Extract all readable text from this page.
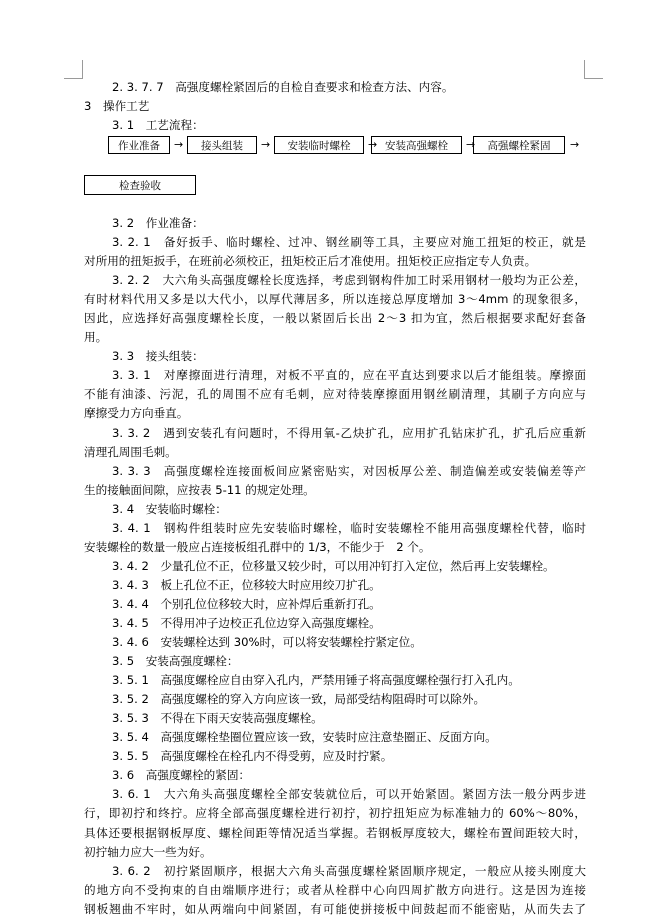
2. 3. 7. 7　高强度螺栓紧固后的自检自查要求和检查方法、内容。
3　操作工艺
3. 1　工艺流程：
作业准备	→	接头组装	→	安装临时螺栓	→ 安装高强螺栓	→	高强螺栓紧固	→
检查验收
3. 2　作业准备：
3. 2. 1　备好扳手、临时螺栓、过冲、钢丝刷等工具，主要应对施工扭矩的校正，就是
对所用的扭矩扳手，在班前必须校正，扭矩校正后才准使用。扭矩校正应指定专人负责。
3. 2. 2　大六角头高强度螺栓长度选择，考虑到钢构件加工时采用钢材一般均为正公差，
有时材料代用又多是以大代小，以厚代薄居多，所以连接总厚度增加 3～4mm 的现象很多，
因此，应选择好高强度螺栓长度，一般以紧固后长出 2～3 扣为宜，然后根据要求配好套备
用。
3. 3　接头组装：
3. 3. 1　对摩擦面进行清理，对板不平直的，应在平直达到要求以后才能组装。摩擦面
不能有油漆、污泥，孔的周围不应有毛刺，应对待装摩擦面用钢丝刷清理，其刷子方向应与
摩擦受力方向垂直。
3. 3. 2　遇到安装孔有问题时，不得用氧-乙炔扩孔，应用扩孔钻床扩孔，扩孔后应重新
清理孔周围毛刺。
3. 3. 3　高强度螺栓连接面板间应紧密贴实，对因板厚公差、制造偏差或安装偏差等产
生的接触面间隙，应按表 5-11 的规定处理。
3. 4　安装临时螺栓：
3. 4. 1　钢构件组装时应先安装临时螺栓，临时安装螺栓不能用高强度螺栓代替，临时
安装螺栓的数量一般应占连接板组孔群中的 1/3，不能少于　2 个。
3. 4. 2　少量孔位不正，位移量又较少时，可以用冲钉打入定位，然后再上安装螺栓。
3. 4. 3　板上孔位不正，位移较大时应用绞刀扩孔。
3. 4. 4　个别孔位位移较大时，应补焊后重新打孔。
3. 4. 5　不得用冲子边校正孔位边穿入高强度螺栓。
3. 4. 6　安装螺栓达到 30%时，可以将安装螺栓拧紧定位。
3. 5　安装高强度螺栓：
3. 5. 1　高强度螺栓应自由穿入孔内，严禁用锤子将高强度螺栓强行打入孔内。
3. 5. 2　高强度螺栓的穿入方向应该一致，局部受结构阻碍时可以除外。
3. 5. 3　不得在下雨天安装高强度螺栓。
3. 5. 4　高强度螺栓垫圈位置应该一致，安装时应注意垫圈正、反面方向。
3. 5. 5　高强度螺栓在栓孔内不得受剪，应及时拧紧。
3. 6　高强度螺栓的紧固：
3. 6. 1　大六角头高强度螺栓全部安装就位后，可以开始紧固。紧固方法一般分两步进
行，即初拧和终拧。应将全部高强度螺栓进行初拧，初拧扭矩应为标准轴力的 60%～80%，
具体还要根据钢板厚度、螺栓间距等情况适当掌握。若钢板厚度较大，螺栓布置间距较大时，
初拧轴力应大一些为好。
3. 6. 2　初拧紧固顺序，根据大六角头高强度螺栓紧固顺序规定，一般应从接头刚度大
的地方向不受拘束的自由端顺序进行；或者从栓群中心向四周扩散方向进行。这是因为连接
钢板翘曲不牢时，如从两端向中间紧固，有可能使拼接板中间鼓起而不能密贴，从而失去了
